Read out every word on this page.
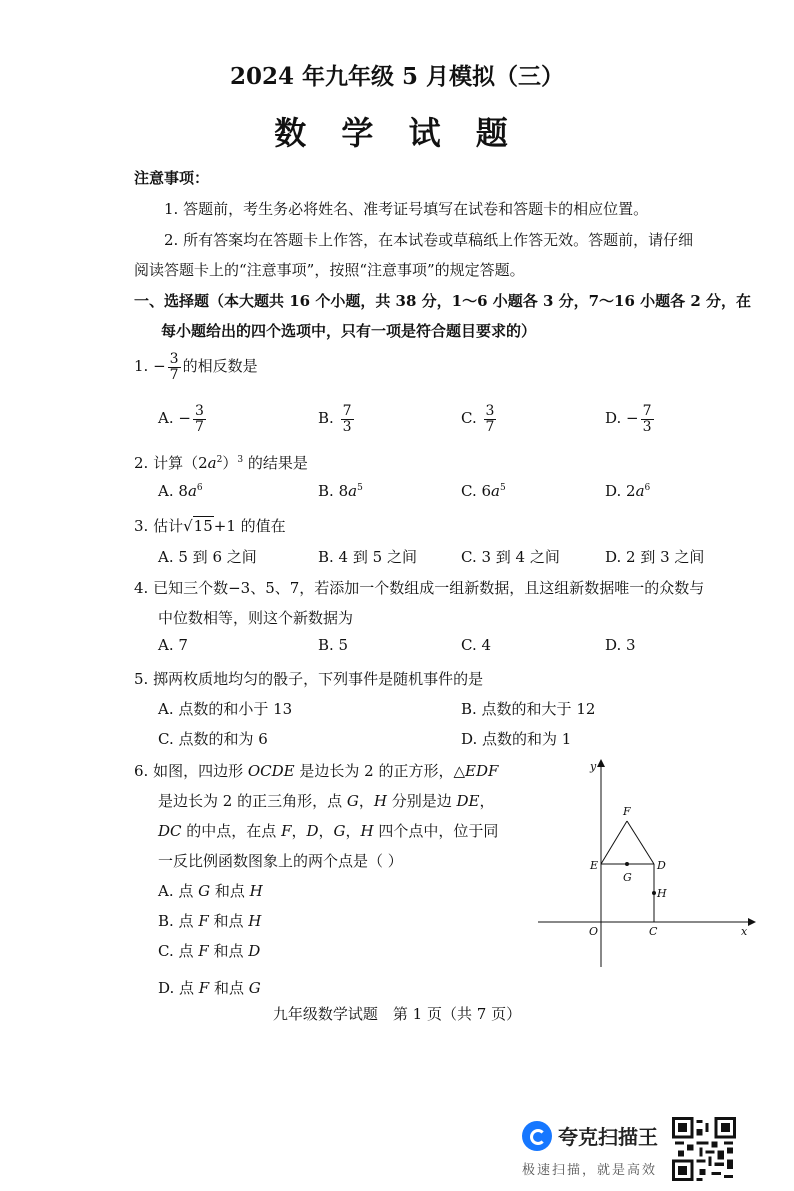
2024 年九年级 5 月模拟（三）
数 学 试 题
注意事项：
1. 答题前，考生务必将姓名、准考证号填写在试卷和答题卡的相应位置。
2. 所有答案均在答题卡上作答，在本试卷或草稿纸上作答无效。答题前，请仔细
阅读答题卡上的“注意事项”，按照“注意事项”的规定答题。
一、选择题（本大题共 16 个小题，共 38 分，1～6 小题各 3 分，7～16 小题各 2 分，在
每小题给出的四个选项中，只有一项是符合题目要求的）
1. − $\frac{3}{7}$ 的相反数是
A. − $\frac{3}{7}$	B. $\frac{7}{3}$	C. $\frac{3}{7}$	D. − $\frac{7}{3}$
2. 计算$(2a^2)^3$ 的结果是
A. $8a^6$	B. $8a^5$	C. $6a^5$	D. $2a^6$
3. 估计√15+1 的值在
A. 5 到 6 之间	B. 4 到 5 之间	C. 3 到 4 之间	D. 2 到 3 之间
4. 已知三个数−3、5、7，若添加一个数组成一组新数据，且这组新数据唯一的众数与
中位数相等，则这个新数据为
A. 7	B. 5	C. 4	D. 3
5. 掷两枚质地均匀的骰子，下列事件是随机事件的是
A. 点数的和小于 13	B. 点数的和大于 12
C. 点数的和为 6	D. 点数的和为 1
6. 如图，四边形 OCDE 是边长为 2 的正方形，△EDF
是边长为 2 的正三角形，点 G，H 分别是边 DE，
DC 的中点，在点 F，D，G，H 四个点中，位于同
一反比例函数图象上的两个点是（ ）
A. 点 G 和点 H
B. 点 F 和点 H
C. 点 F 和点 D
D. 点 F 和点 G
y
x
O	C
D
E
F
G
H
九年级数学试题　第 1 页（共 7 页）
夸克扫描王
极速扫描，就是高效
